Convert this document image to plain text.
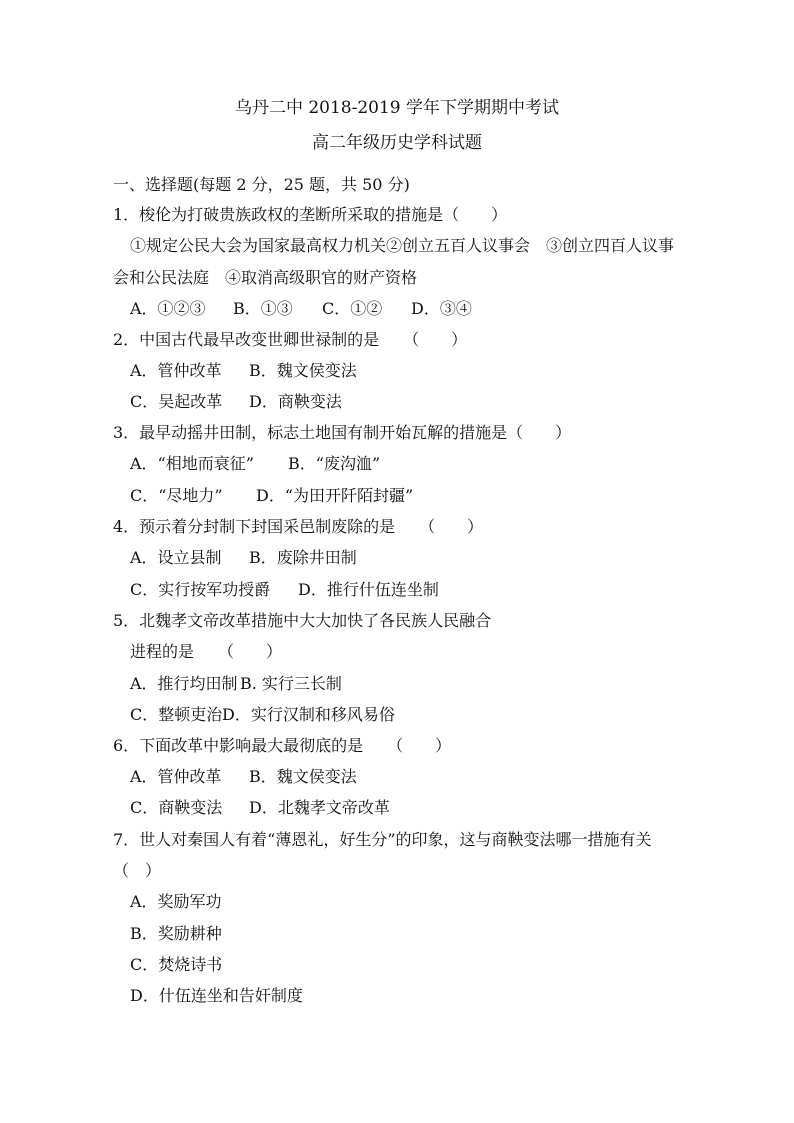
乌丹二中 2018-2019 学年下学期期中考试
高二年级历史学科试题
一、选择题(每题 2 分，25 题，共 50 分)
1．梭伦为打破贵族政权的垄断所采取的措施是（　　）
①规定公民大会为国家最高权力机关②创立五百人议事会　③创立四百人议事
会和公民法庭　④取消高级职官的财产资格
A．①②③ B．①③ C．①② D．③④
2．中国古代最早改变世卿世禄制的是　　（　　）
A．管仲改革 B．魏文侯变法
C．吴起改革 D．商鞅变法
3．最早动摇井田制，标志土地国有制开始瓦解的措施是（　　）
A．“相地而衰征” B．“废沟洫”
C．“尽地力” D．“为田开阡陌封疆”
4．预示着分封制下封国采邑制废除的是　　（　　）
A．设立县制 B．废除井田制
C．实行按军功授爵 D．推行什伍连坐制
5．北魏孝文帝改革措施中大大加快了各民族人民融合
进程的是　　（　　）
A．推行均田制 B. 实行三长制
C．整顿吏治 D．实行汉制和移风易俗
6．下面改革中影响最大最彻底的是　　（　　）
A．管仲改革 B．魏文侯变法
C．商鞅变法 D．北魏孝文帝改革
7．世人对秦国人有着“薄恩礼，好生分”的印象，这与商鞅变法哪一措施有关
（　）
A．奖励军功
B．奖励耕种
C．焚烧诗书
D．什伍连坐和告奸制度
